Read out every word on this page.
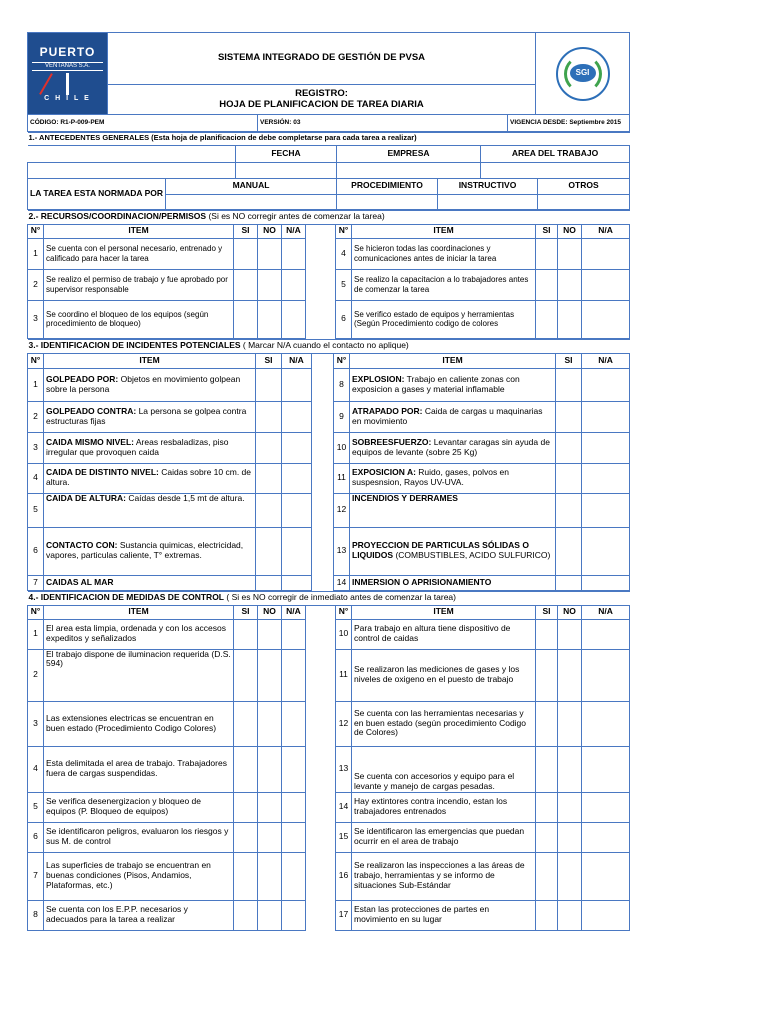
PUERTO
VENTANAS S.A.
C H I L E
	SISTEMA INTEGRADO DE GESTIÓN DE PVSA	
SGI

REGISTRO:
HOJA DE PLANIFICACION DE TAREA DIARIA
CÓDIGO: R1-P-009-PEM	VERSIÓN: 03	VIGENCIA DESDE: Septiembre 2015
1.- ANTECEDENTES GENERALES (Esta hoja de planificacion de debe completarse para cada tarea a realizar)						
		FECHA	EMPRESA		AREA DEL TRABAJO	

LA TAREA ESTA NORMADA POR	MANUAL		PROCEDIMIENTO	INSTRUCTIVO		OTROS

2.- RECURSOS/COORDINACION/PERMISOS (Si es NO corregir antes de comenzar la tarea)										
N°	ITEM	SI	NO	N/A		N°	ITEM	SI	NO	N/A
1	Se cuenta con el personal necesario, entrenado y calificado para hacer la tarea					4	Se hicieron todas las coordinaciones y comunicaciones antes de iniciar la tarea			
2	Se realizo el permiso de trabajo y fue aprobado por supervisor responsable					5	Se realizo la capacitacion a lo trabajadores antes de comenzar la tarea			
3	Se coordino el bloqueo de los equipos (según procedimiento de bloqueo)					6	Se verifico estado de equipos y herramientas (Según Procedimiento codigo de colores			
3.- IDENTIFICACION DE INCIDENTES POTENCIALES ( Marcar N/A cuando el contacto no aplique)								
N°	ITEM	SI	N/A		N°	ITEM	SI	N/A
1	GOLPEADO POR: Objetos en movimiento golpean sobre la persona				8	EXPLOSION: Trabajo en caliente zonas con exposicion a gases y material inflamable		
2	GOLPEADO CONTRA: La persona se golpea contra estructuras fijas				9	ATRAPADO POR: Caida de cargas u maquinarias en movimiento		
3	CAIDA MISMO NIVEL: Areas resbaladizas, piso irregular que provoquen caida				10	SOBREESFUERZO: Levantar caragas sin ayuda de equipos de levante (sobre 25 Kg)		
4	CAIDA DE DISTINTO NIVEL: Caidas sobre 10 cm. de altura.				11	EXPOSICION A: Ruido, gases, polvos en suspesnsion, Rayos UV-UVA.		
5	CAIDA DE ALTURA: Caídas desde 1,5 mt de altura.				12	INCENDIOS Y DERRAMES		
6	CONTACTO CON: Sustancia quimicas, electricidad, vapores, particulas caliente, T° extremas.				13	PROYECCION DE PARTICULAS SÓLIDAS O LIQUIDOS (COMBUSTIBLES, ACIDO SULFURICO)		
7	CAIDAS AL MAR				14	INMERSION O APRISIONAMIENTO		
4.- IDENTIFICACION DE MEDIDAS DE CONTROL ( Si es NO corregir de inmediato antes de comenzar la tarea)										
N°	ITEM	SI	NO	N/A		N°	ITEM	SI	NO	N/A
1	El area esta limpia, ordenada y con los accesos expeditos y señalizados					10	Para trabajo en altura tiene dispositivo de control de caidas			
2	El trabajo dispone de iluminacion requerida (D.S. 594)					11	Se realizaron las mediciones de gases y los niveles de oxigeno en el puesto de trabajo			
3	Las extensiones electricas se encuentran en buen estado (Procedimiento Codigo Colores)					12	Se cuenta con las herramientas necesarias y en buen estado (según procedimiento Codigo de Colores)			
4	Esta delimitada el area de trabajo. Trabajadores fuera de cargas suspendidas.					13	Se cuenta con accesorios y equipo para el levante y manejo de cargas pesadas.			
5	Se verifica desenergizacion y bloqueo de equipos (P. Bloqueo de equipos)					14	Hay extintores contra incendio, estan los trabajadores entrenados			
6	Se identificaron peligros, evaluaron los riesgos y sus M. de control					15	Se identificaron las emergencias que puedan ocurrir en el area de trabajo			
7	Las superficies de trabajo se encuentran en buenas condiciones (Pisos, Andamios, Plataformas, etc.)					16	Se realizaron las inspecciones a las áreas de trabajo, herramientas y se informo de situaciones Sub-Estándar			
8	Se cuenta con los E.P.P. necesarios y adecuados para la tarea a realizar					17	Estan las protecciones de partes en movimiento en su lugar			
